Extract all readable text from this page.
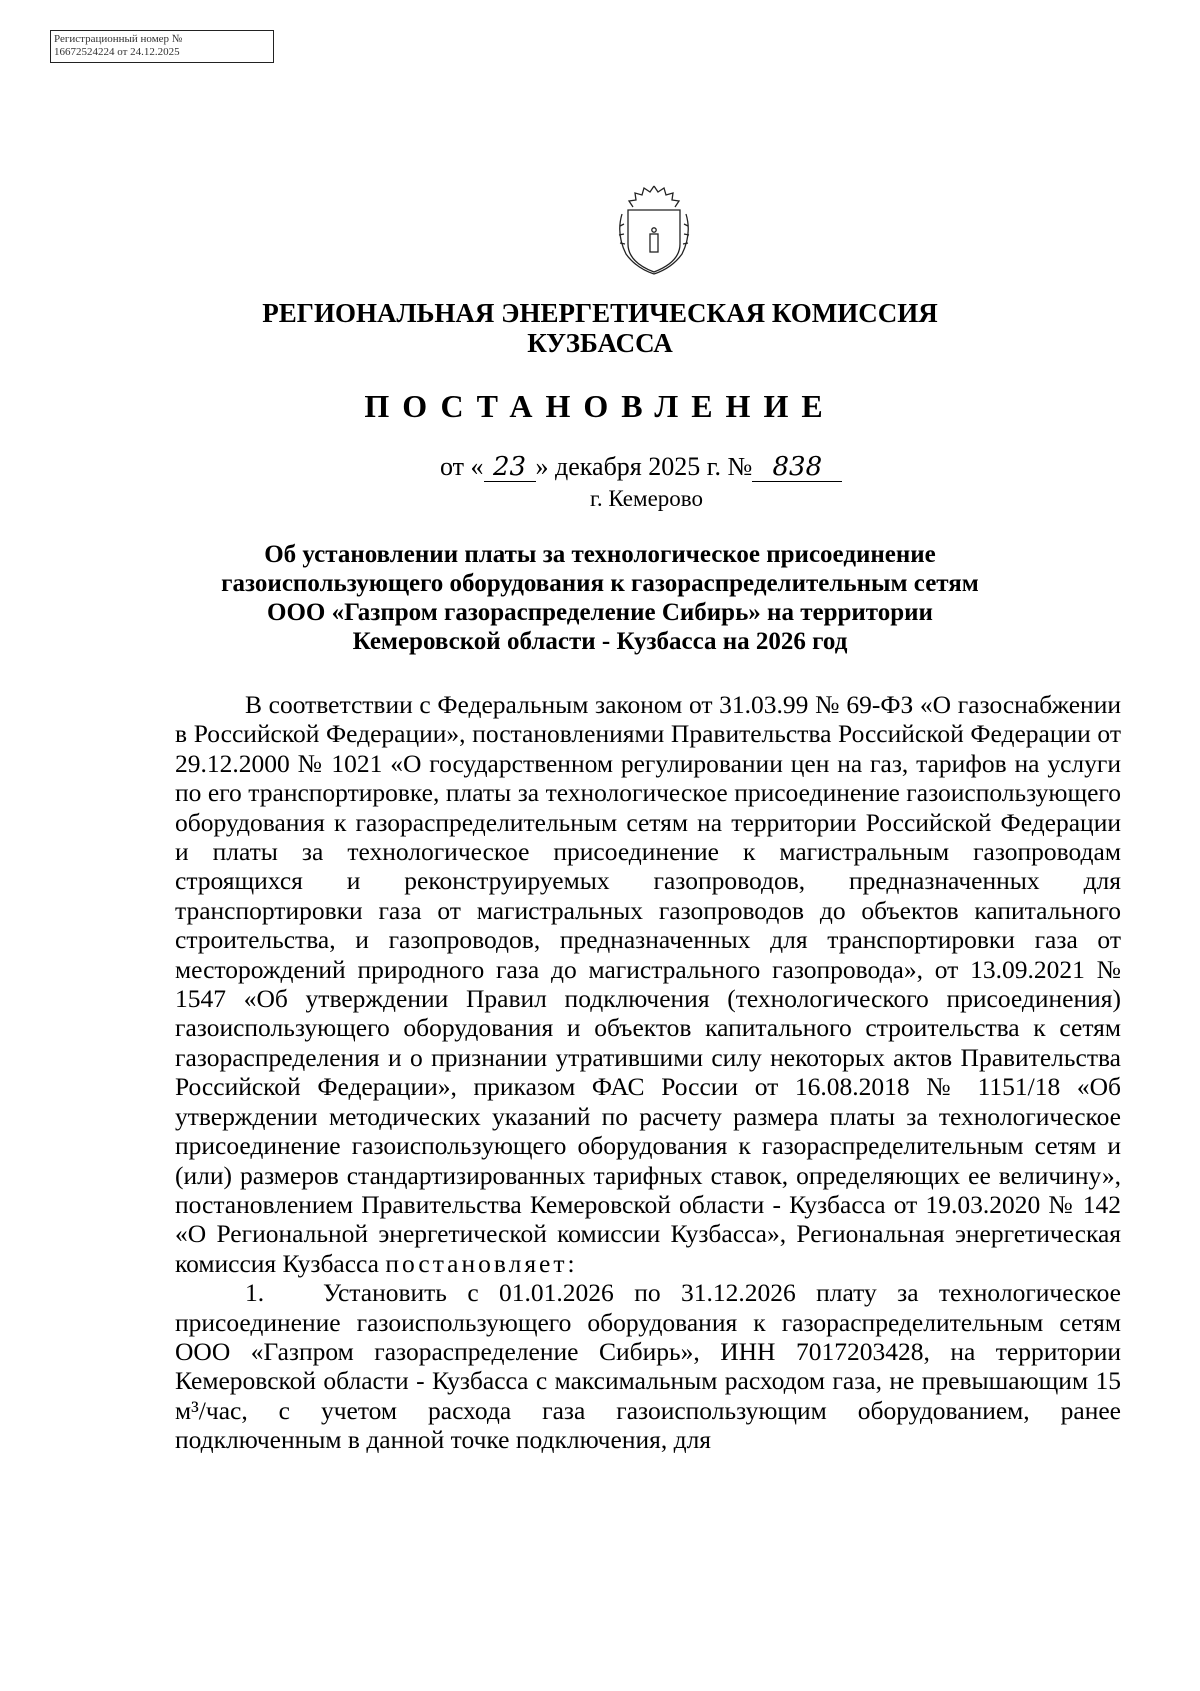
Регистрационный номер №
16672524224 от 24.12.2025
РЕГИОНАЛЬНАЯ ЭНЕРГЕТИЧЕСКАЯ КОМИССИЯ
КУЗБАССА
ПОСТАНОВЛЕНИЕ
от « 23 » декабря 2025 г. № 838
г. Кемерово
Об установлении платы за технологическое присоединение
газоиспользующего оборудования к газораспределительным сетям
ООО «Газпром газораспределение Сибирь» на территории
Кемеровской области - Кузбасса на 2026 год

В соответствии с Федеральным законом от 31.03.99 № 69-ФЗ «О газоснабжении в Российской Федерации», постановлениями Правительства Российской Федерации от 29.12.2000 № 1021 «О государственном регулировании цен на газ, тарифов на услуги по его транспортировке, платы за технологическое присоединение газоиспользующего оборудования к газораспределительным сетям на территории Российской Федерации и платы за технологическое присоединение к магистральным газопроводам строящихся и реконструируемых газопроводов, предназначенных для транспортировки газа от магистральных газопроводов до объектов капитального строительства, и газопроводов, предназначенных для транспортировки газа от месторождений природного газа до магистрального газопровода», от 13.09.2021 № 1547 «Об утверждении Правил подключения (технологического присоединения) газоиспользующего оборудования и объектов капитального строительства к сетям газораспределения и о признании утратившими силу некоторых актов Правительства Российской Федерации», приказом ФАС России от 16.08.2018 № 1151/18 «Об утверждении методических указаний по расчету размера платы за технологическое присоединение газоиспользующего оборудования к газораспределительным сетям и (или) размеров стандартизированных тарифных ставок, определяющих ее величину», постановлением Правительства Кемеровской области - Кузбасса от 19.03.2020 № 142 «О Региональной энергетической комиссии Кузбасса», Региональная энергетическая комиссия Кузбасса постановляет:

1. Установить с 01.01.2026 по 31.12.2026 плату за технологическое присоединение газоиспользующего оборудования к газораспределительным сетям ООО «Газпром газораспределение Сибирь», ИНН 7017203428, на территории Кемеровской области - Кузбасса с максимальным расходом газа, не превышающим 15 м³/час, с учетом расхода газа газоиспользующим оборудованием, ранее подключенным в данной точке подключения, для
